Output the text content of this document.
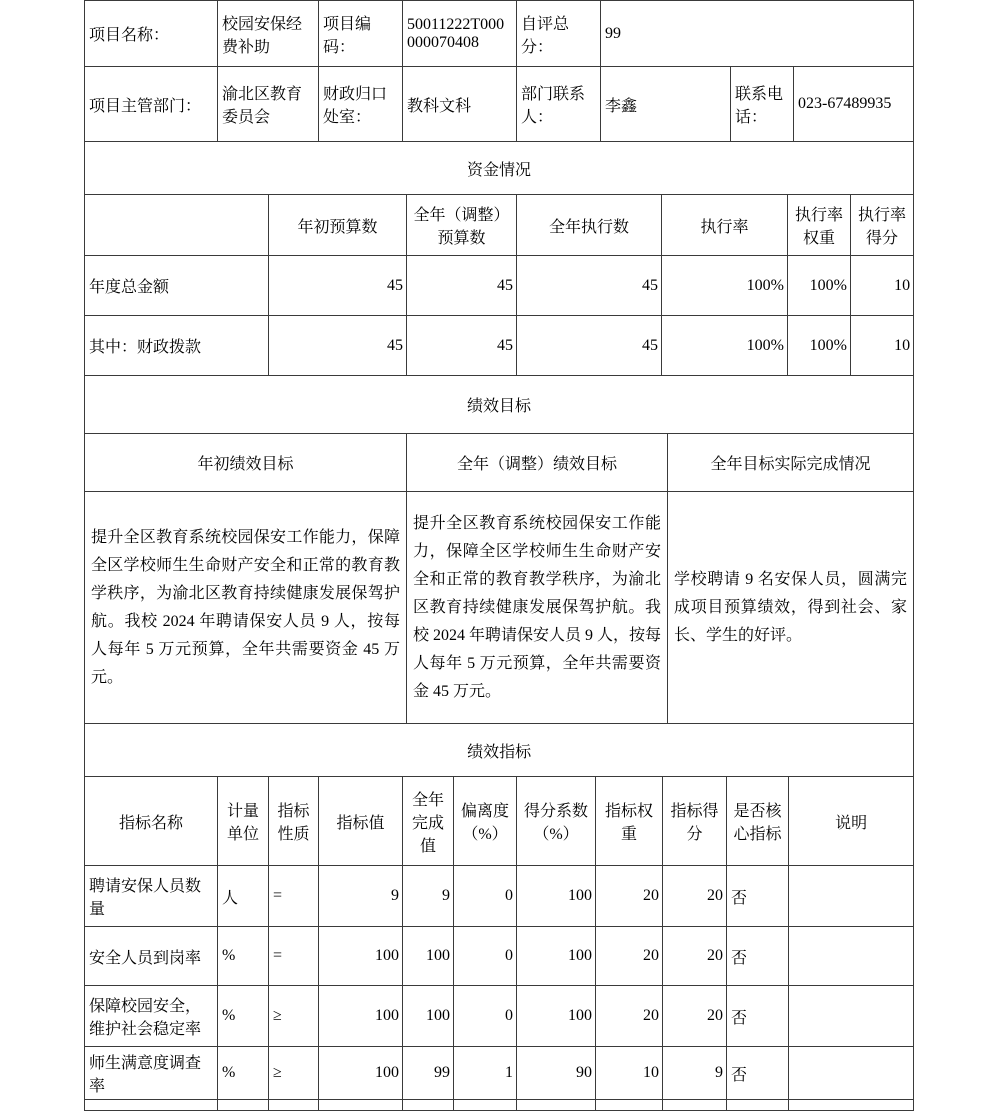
项目名称：	校园安保经费补助	项目编码：	50011222T000000070408	自评总分：	99		
项目主管部门：	渝北区教育委员会	财政归口处室：	教科文科	部门联系人：	李鑫	联系电话：	023-67489935
资金情况						
	年初预算数	全年（调整）预算数	全年执行数	执行率	执行率权重	执行率得分
年度总金额	45	45	45	100%	100%	10
其中：财政拨款	45	45	45	100%	100%	10
绩效目标		
年初绩效目标	全年（调整）绩效目标	全年目标实际完成情况
提升全区教育系统校园保安工作能力，保障全区学校师生生命财产安全和正常的教育教学秩序，为渝北区教育持续健康发展保驾护航。我校 2024 年聘请保安人员 9 人，按每人每年 5 万元预算，全年共需要资金 45 万元。	提升全区教育系统校园保安工作能力，保障全区学校师生生命财产安全和正常的教育教学秩序，为渝北区教育持续健康发展保驾护航。我校 2024 年聘请保安人员 9 人，按每人每年 5 万元预算，全年共需要资金 45 万元。	学校聘请 9 名安保人员，圆满完成项目预算绩效，得到社会、家长、学生的好评。
绩效指标										
指标名称	计量单位	指标性质	指标值	全年完成值	偏离度（%）	得分系数（%）	指标权重	指标得分	是否核心指标	说明
聘请安保人员数量	人	=	9	9	0	100	20	20	否	
安全人员到岗率	%	=	100	100	0	100	20	20	否	
保障校园安全，维护社会稳定率	%	≥	100	100	0	100	20	20	否	
师生满意度调查率	%	≥	100	99	1	90	10	9	否	
